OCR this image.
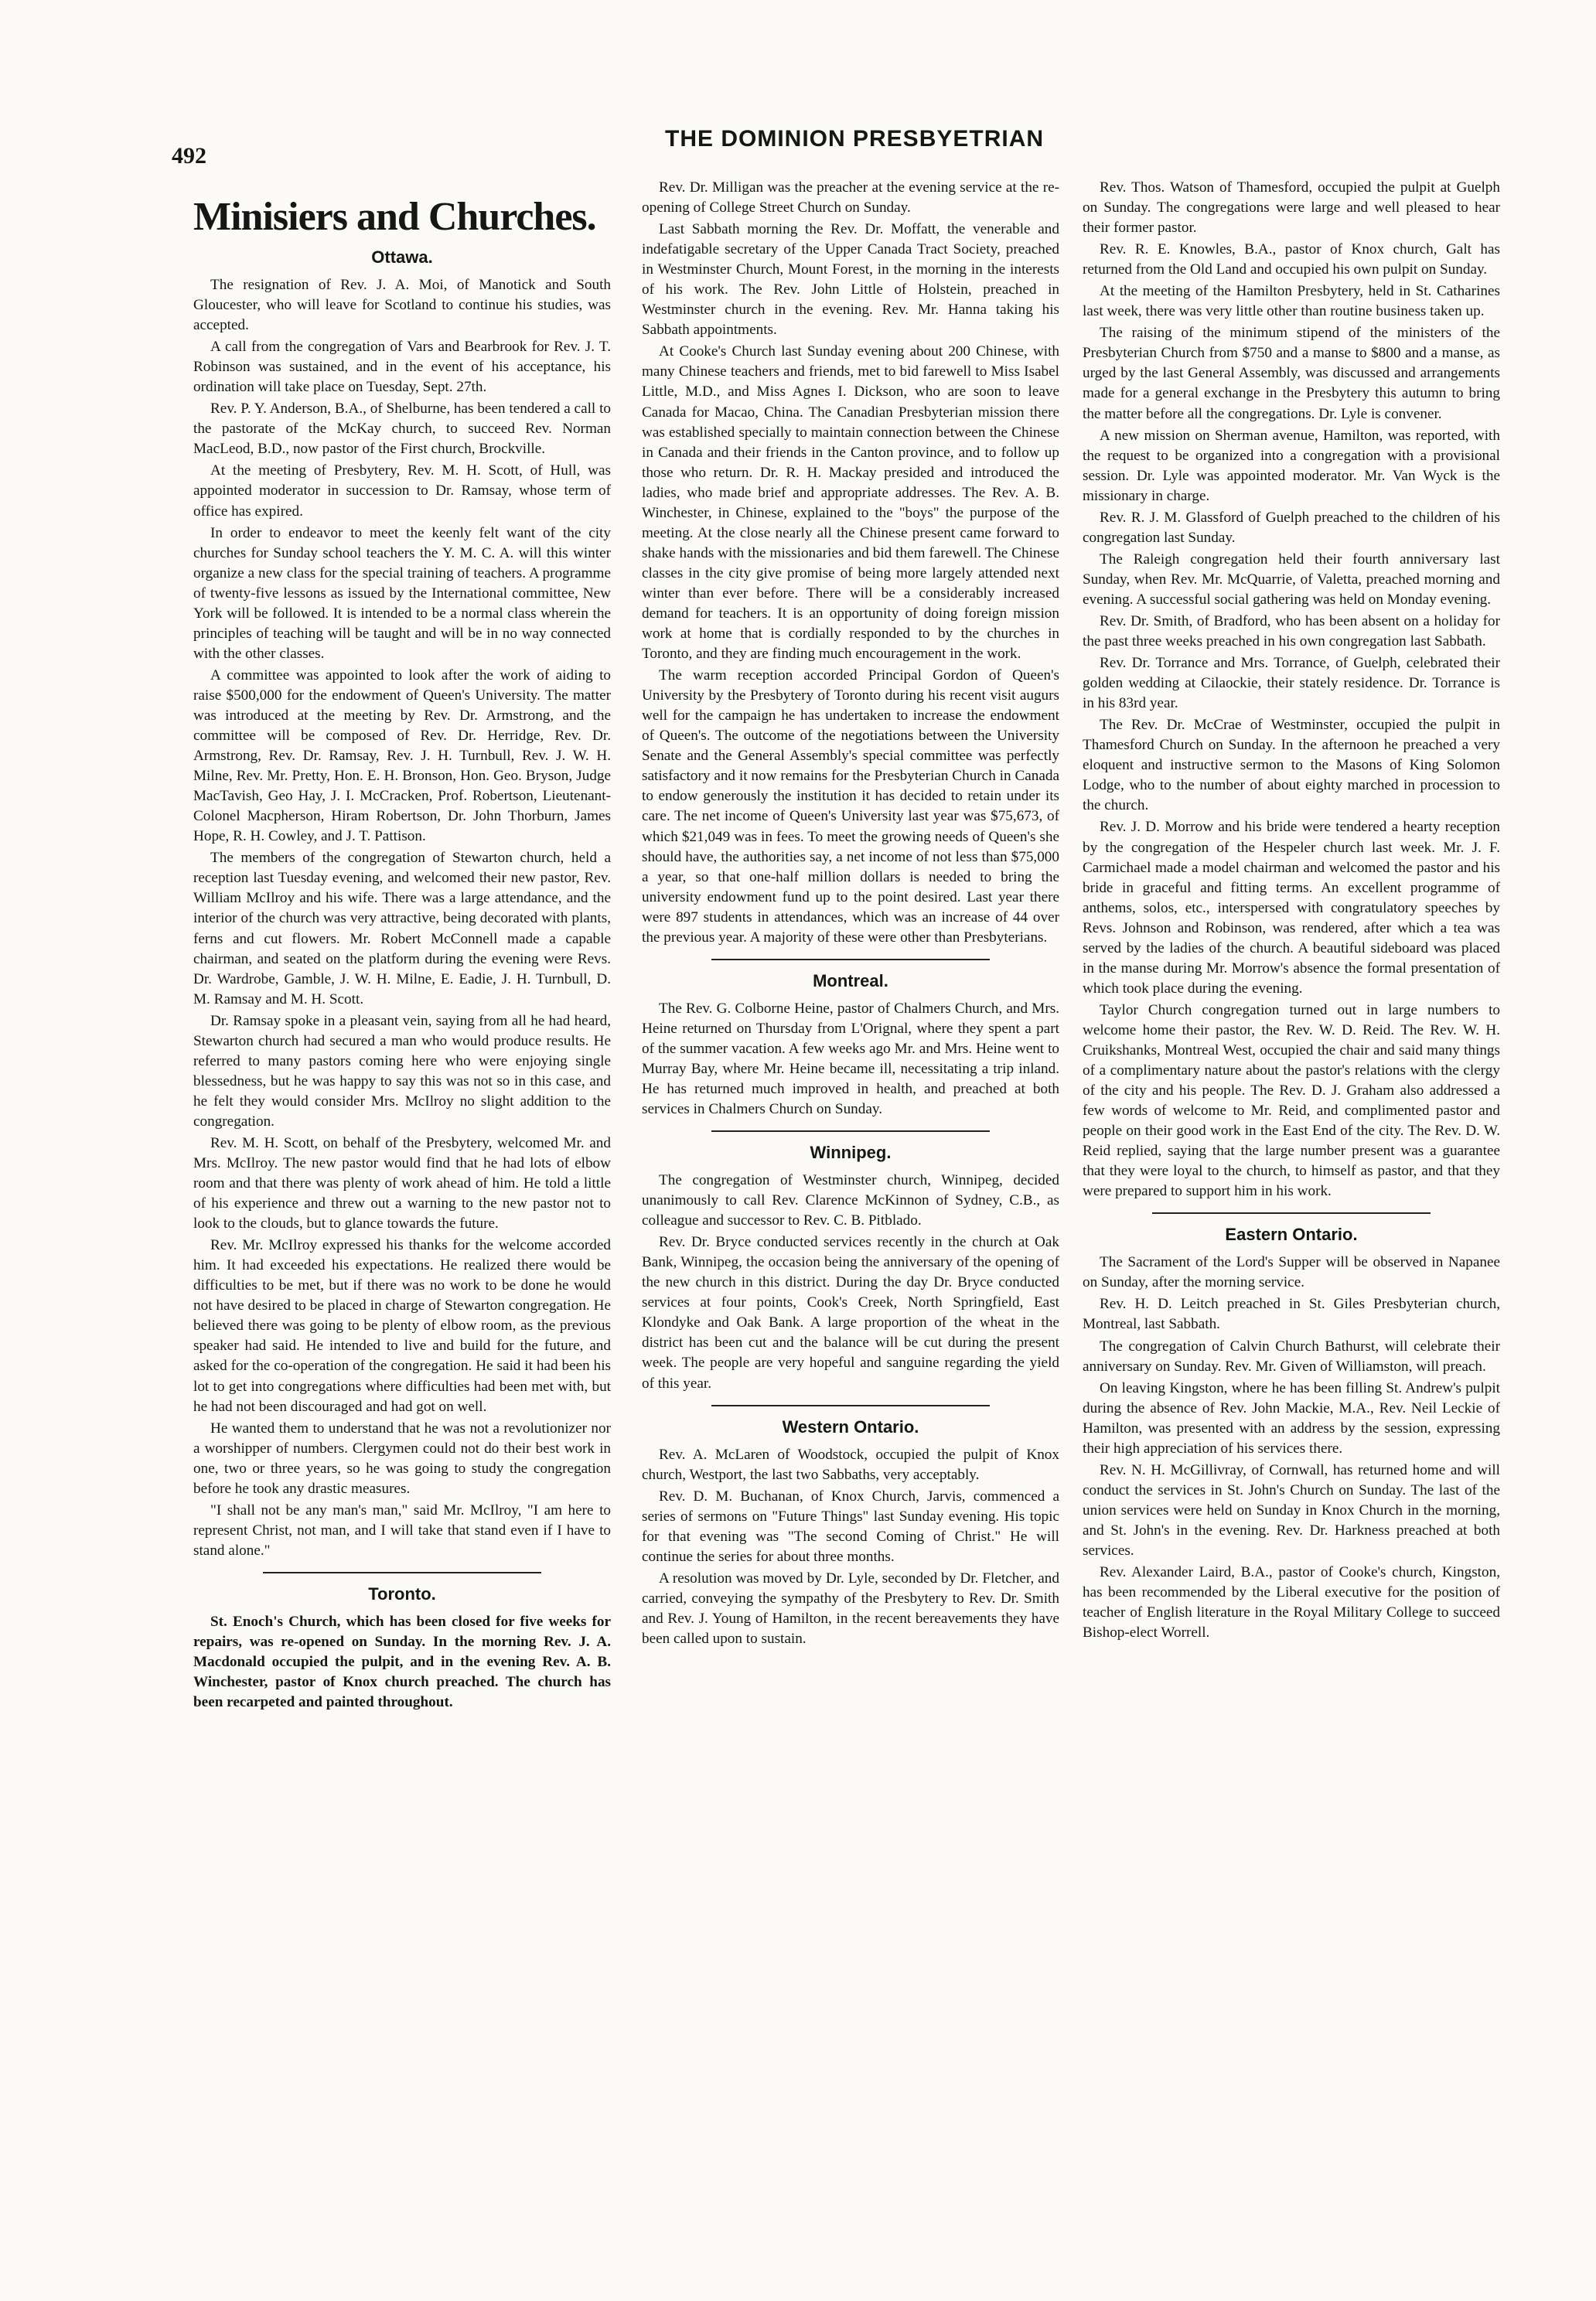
492
THE DOMINION PRESBYETRIAN
Minisiers and Churches.
Ottawa.

The resignation of Rev. J. A. Moi, of Manotick and South Gloucester, who will leave for Scotland to continue his studies, was accepted.

A call from the congregation of Vars and Bearbrook for Rev. J. T. Robinson was sustained, and in the event of his acceptance, his ordination will take place on Tuesday, Sept. 27th.

Rev. P. Y. Anderson, B.A., of Shelburne, has been tendered a call to the pastorate of the McKay church, to succeed Rev. Norman MacLeod, B.D., now pastor of the First church, Brockville.

At the meeting of Presbytery, Rev. M. H. Scott, of Hull, was appointed moderator in succession to Dr. Ramsay, whose term of office has expired.

In order to endeavor to meet the keenly felt want of the city churches for Sunday school teachers the Y. M. C. A. will this winter organize a new class for the special training of teachers. A programme of twenty-five lessons as issued by the International committee, New York will be followed. It is intended to be a normal class wherein the principles of teaching will be taught and will be in no way connected with the other classes.

A committee was appointed to look after the work of aiding to raise $500,000 for the endowment of Queen's University. The matter was introduced at the meeting by Rev. Dr. Armstrong, and the committee will be composed of Rev. Dr. Herridge, Rev. Dr. Armstrong, Rev. Dr. Ramsay, Rev. J. H. Turnbull, Rev. J. W. H. Milne, Rev. Mr. Pretty, Hon. E. H. Bronson, Hon. Geo. Bryson, Judge MacTavish, Geo Hay, J. I. McCracken, Prof. Robertson, Lieutenant-Colonel Macpherson, Hiram Robertson, Dr. John Thorburn, James Hope, R. H. Cowley, and J. T. Pattison.

The members of the congregation of Stewarton church, held a reception last Tuesday evening, and welcomed their new pastor, Rev. William McIlroy and his wife. There was a large attendance, and the interior of the church was very attractive, being decorated with plants, ferns and cut flowers. Mr. Robert McConnell made a capable chairman, and seated on the platform during the evening were Revs. Dr. Wardrobe, Gamble, J. W. H. Milne, E. Eadie, J. H. Turnbull, D. M. Ramsay and M. H. Scott.

Dr. Ramsay spoke in a pleasant vein, saying from all he had heard, Stewarton church had secured a man who would produce results. He referred to many pastors coming here who were enjoying single blessedness, but he was happy to say this was not so in this case, and he felt they would consider Mrs. McIlroy no slight addition to the congregation.

Rev. M. H. Scott, on behalf of the Presbytery, welcomed Mr. and Mrs. McIlroy. The new pastor would find that he had lots of elbow room and that there was plenty of work ahead of him. He told a little of his experience and threw out a warning to the new pastor not to look to the clouds, but to glance towards the future.

Rev. Mr. McIlroy expressed his thanks for the welcome accorded him. It had exceeded his expectations. He realized there would be difficulties to be met, but if there was no work to be done he would not have desired to be placed in charge of Stewarton congregation. He believed there was going to be plenty of elbow room, as the previous speaker had said. He intended to live and build for the future, and asked for the co-operation of the congregation. He said it had been his lot to get into congregations where difficulties had been met with, but he had not been discouraged and had got on well.

He wanted them to understand that he was not a revolutionizer nor a worshipper of numbers. Clergymen could not do their best work in one, two or three years, so he was going to study the congregation before he took any drastic measures.

"I shall not be any man's man," said Mr. McIlroy, "I am here to represent Christ, not man, and I will take that stand even if I have to stand alone."

Toronto.

St. Enoch's Church, which has been closed for five weeks for repairs, was re-opened on Sunday. In the morning Rev. J. A. Macdonald occupied the pulpit, and in the evening Rev. A. B. Winchester, pastor of Knox church preached. The church has been recarpeted and painted throughout.

Rev. Dr. Milligan was the preacher at the evening service at the re-opening of College Street Church on Sunday.

Last Sabbath morning the Rev. Dr. Moffatt, the venerable and indefatigable secretary of the Upper Canada Tract Society, preached in Westminster Church, Mount Forest, in the morning in the interests of his work. The Rev. John Little of Holstein, preached in Westminster church in the evening. Rev. Mr. Hanna taking his Sabbath appointments.

At Cooke's Church last Sunday evening about 200 Chinese, with many Chinese teachers and friends, met to bid farewell to Miss Isabel Little, M.D., and Miss Agnes I. Dickson, who are soon to leave Canada for Macao, China. The Canadian Presbyterian mission there was established specially to maintain connection between the Chinese in Canada and their friends in the Canton province, and to follow up those who return. Dr. R. H. Mackay presided and introduced the ladies, who made brief and appropriate addresses. The Rev. A. B. Winchester, in Chinese, explained to the "boys" the purpose of the meeting. At the close nearly all the Chinese present came forward to shake hands with the missionaries and bid them farewell. The Chinese classes in the city give promise of being more largely attended next winter than ever before. There will be a considerably increased demand for teachers. It is an opportunity of doing foreign mission work at home that is cordially responded to by the churches in Toronto, and they are finding much encouragement in the work.

The warm reception accorded Principal Gordon of Queen's University by the Presbytery of Toronto during his recent visit augurs well for the campaign he has undertaken to increase the endowment of Queen's. The outcome of the negotiations between the University Senate and the General Assembly's special committee was perfectly satisfactory and it now remains for the Presbyterian Church in Canada to endow generously the institution it has decided to retain under its care. The net income of Queen's University last year was $75,673, of which $21,049 was in fees. To meet the growing needs of Queen's she should have, the authorities say, a net income of not less than $75,000 a year, so that one-half million dollars is needed to bring the university endowment fund up to the point desired. Last year there were 897 students in attendances, which was an increase of 44 over the previous year. A majority of these were other than Presbyterians.

Montreal.

The Rev. G. Colborne Heine, pastor of Chalmers Church, and Mrs. Heine returned on Thursday from L'Orignal, where they spent a part of the summer vacation. A few weeks ago Mr. and Mrs. Heine went to Murray Bay, where Mr. Heine became ill, necessitating a trip inland. He has returned much improved in health, and preached at both services in Chalmers Church on Sunday.

Winnipeg.

The congregation of Westminster church, Winnipeg, decided unanimously to call Rev. Clarence McKinnon of Sydney, C.B., as colleague and successor to Rev. C. B. Pitblado.

Rev. Dr. Bryce conducted services recently in the church at Oak Bank, Winnipeg, the occasion being the anniversary of the opening of the new church in this district. During the day Dr. Bryce conducted services at four points, Cook's Creek, North Springfield, East Klondyke and Oak Bank. A large proportion of the wheat in the district has been cut and the balance will be cut during the present week. The people are very hopeful and sanguine regarding the yield of this year.

Western Ontario.

Rev. A. McLaren of Woodstock, occupied the pulpit of Knox church, Westport, the last two Sabbaths, very acceptably.

Rev. D. M. Buchanan, of Knox Church, Jarvis, commenced a series of sermons on "Future Things" last Sunday evening. His topic for that evening was "The second Coming of Christ." He will continue the series for about three months.

A resolution was moved by Dr. Lyle, seconded by Dr. Fletcher, and carried, conveying the sympathy of the Presbytery to Rev. Dr. Smith and Rev. J. Young of Hamilton, in the recent bereavements they have been called upon to sustain.

Rev. Thos. Watson of Thamesford, occupied the pulpit at Guelph on Sunday. The congregations were large and well pleased to hear their former pastor.

Rev. R. E. Knowles, B.A., pastor of Knox church, Galt has returned from the Old Land and occupied his own pulpit on Sunday.

At the meeting of the Hamilton Presbytery, held in St. Catharines last week, there was very little other than routine business taken up.

The raising of the minimum stipend of the ministers of the Presbyterian Church from $750 and a manse to $800 and a manse, as urged by the last General Assembly, was discussed and arrangements made for a general exchange in the Presbytery this autumn to bring the matter before all the congregations. Dr. Lyle is convener.

A new mission on Sherman avenue, Hamilton, was reported, with the request to be organized into a congregation with a provisional session. Dr. Lyle was appointed moderator. Mr. Van Wyck is the missionary in charge.

Rev. R. J. M. Glassford of Guelph preached to the children of his congregation last Sunday.

The Raleigh congregation held their fourth anniversary last Sunday, when Rev. Mr. McQuarrie, of Valetta, preached morning and evening. A successful social gathering was held on Monday evening.

Rev. Dr. Smith, of Bradford, who has been absent on a holiday for the past three weeks preached in his own congregation last Sabbath.

Rev. Dr. Torrance and Mrs. Torrance, of Guelph, celebrated their golden wedding at Cilaockie, their stately residence. Dr. Torrance is in his 83rd year.

The Rev. Dr. McCrae of Westminster, occupied the pulpit in Thamesford Church on Sunday. In the afternoon he preached a very eloquent and instructive sermon to the Masons of King Solomon Lodge, who to the number of about eighty marched in procession to the church.

Rev. J. D. Morrow and his bride were tendered a hearty reception by the congregation of the Hespeler church last week. Mr. J. F. Carmichael made a model chairman and welcomed the pastor and his bride in graceful and fitting terms. An excellent programme of anthems, solos, etc., interspersed with congratulatory speeches by Revs. Johnson and Robinson, was rendered, after which a tea was served by the ladies of the church. A beautiful sideboard was placed in the manse during Mr. Morrow's absence the formal presentation of which took place during the evening.

Taylor Church congregation turned out in large numbers to welcome home their pastor, the Rev. W. D. Reid. The Rev. W. H. Cruikshanks, Montreal West, occupied the chair and said many things of a complimentary nature about the pastor's relations with the clergy of the city and his people. The Rev. D. J. Graham also addressed a few words of welcome to Mr. Reid, and complimented pastor and people on their good work in the East End of the city. The Rev. D. W. Reid replied, saying that the large number present was a guarantee that they were loyal to the church, to himself as pastor, and that they were prepared to support him in his work.

Eastern Ontario.

The Sacrament of the Lord's Supper will be observed in Napanee on Sunday, after the morning service.

Rev. H. D. Leitch preached in St. Giles Presbyterian church, Montreal, last Sabbath.

The congregation of Calvin Church Bathurst, will celebrate their anniversary on Sunday. Rev. Mr. Given of Williamston, will preach.

On leaving Kingston, where he has been filling St. Andrew's pulpit during the absence of Rev. John Mackie, M.A., Rev. Neil Leckie of Hamilton, was presented with an address by the session, expressing their high appreciation of his services there.

Rev. N. H. McGillivray, of Cornwall, has returned home and will conduct the services in St. John's Church on Sunday. The last of the union services were held on Sunday in Knox Church in the morning, and St. John's in the evening. Rev. Dr. Harkness preached at both services.

Rev. Alexander Laird, B.A., pastor of Cooke's church, Kingston, has been recommended by the Liberal executive for the position of teacher of English literature in the Royal Military College to succeed Bishop-elect Worrell.
